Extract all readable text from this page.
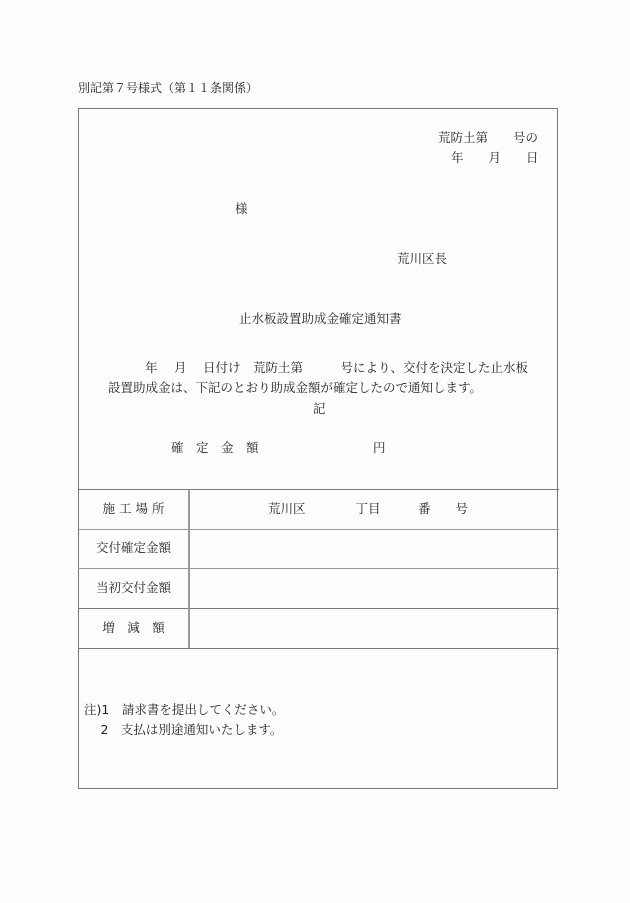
別記第７号様式（第１１条関係）
荒防土第　　号の
年　　月　　日
様
荒川区長
止水板設置助成金確定通知書
年　 月　 日付け　荒防土第　　　号により、交付を決定した止水板
設置助成金は、下記のとおり助成金額が確定したので通知します。
記
確　定　金　額	円
施 工 場 所	荒川区　　　　丁目　　　番　　号
交付確定金額
当初交付金額
増　減　額
注)1　請求書を提出してください。
　 2　支払は別途通知いたします。
